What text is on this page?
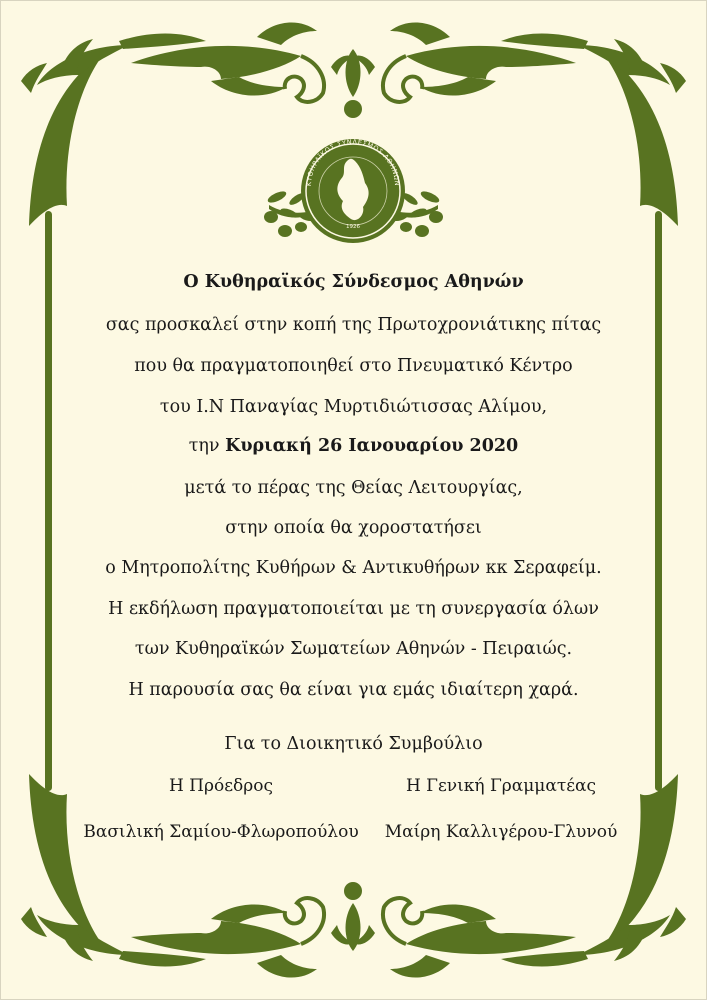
ΚΥΘΗΡΑΪΚΟΣ ΣΥΝΔΕΣΜΟΣ ΑΘΗΝΩΝ
1926
Ο Κυθηραϊκός Σύνδεσμος Αθηνών
σας προσκαλεί στην κοπή της Πρωτοχρονιάτικης πίτας
που θα πραγματοποιηθεί στο Πνευματικό Κέντρο
του Ι.Ν Παναγίας Μυρτιδιώτισσας Αλίμου,
την Κυριακή 26 Ιανουαρίου 2020
μετά το πέρας της Θείας Λειτουργίας,
στην οποία θα χοροστατήσει
ο Μητροπολίτης Κυθήρων & Αντικυθήρων κκ Σεραφείμ.
Η εκδήλωση πραγματοποιείται με τη συνεργασία όλων
των Κυθηραϊκών Σωματείων Αθηνών - Πειραιώς.
Η παρουσία σας θα είναι για εμάς ιδιαίτερη χαρά.
Για το Διοικητικό Συμβούλιο
Η Πρόεδρος	Η Γενική Γραμματέας
Βασιλική Σαμίου-Φλωροπούλου	Μαίρη Καλλιγέρου-Γλυνού
